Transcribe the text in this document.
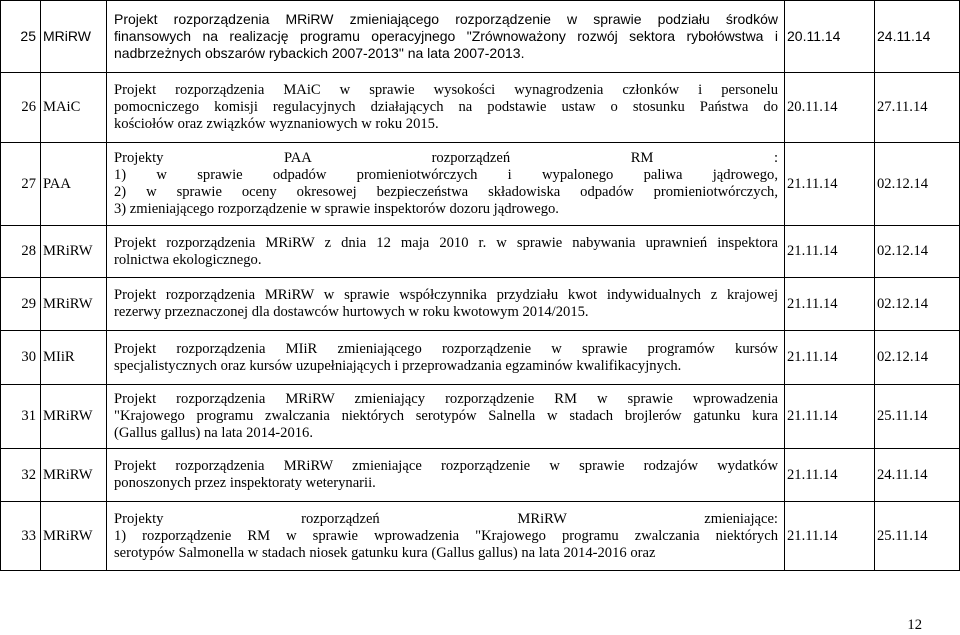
25	MRiRW	Projekt rozporządzenia MRiRW zmieniającego rozporządzenie w sprawie podziału środków
finansowych na realizację programu operacyjnego "Zrównoważony rozwój sektora rybołówstwa i
nadbrzeżnych obszarów rybackich 2007-2013" na lata 2007-2013.	20.11.14	24.11.14
26	MAiC	Projekt rozporządzenia MAiC w sprawie wysokości wynagrodzenia członków i personelu
pomocniczego komisji regulacyjnych działających na podstawie ustaw o stosunku Państwa do
kościołów oraz związków wyznaniowych w roku 2015.	20.11.14	27.11.14
27	PAA	Projekty PAA rozporządzeń RM :
1) w sprawie odpadów promieniotwórczych i wypalonego paliwa jądrowego,
2) w sprawie oceny okresowej bezpieczeństwa składowiska odpadów promieniotwórczych,
3) zmieniającego rozporządzenie w sprawie inspektorów dozoru jądrowego.	21.11.14	02.12.14
28	MRiRW	Projekt rozporządzenia MRiRW z dnia 12 maja 2010 r. w sprawie nabywania uprawnień inspektora
rolnictwa ekologicznego.	21.11.14	02.12.14
29	MRiRW	Projekt rozporządzenia MRiRW w sprawie współczynnika przydziału kwot indywidualnych z krajowej
rezerwy przeznaczonej dla dostawców hurtowych w roku kwotowym 2014/2015.	21.11.14	02.12.14
30	MIiR	Projekt rozporządzenia MIiR zmieniającego rozporządzenie w sprawie programów kursów
specjalistycznych oraz kursów uzupełniających i przeprowadzania egzaminów kwalifikacyjnych.	21.11.14	02.12.14
31	MRiRW	Projekt rozporządzenia MRiRW zmieniający rozporządzenie RM w sprawie wprowadzenia
"Krajowego programu zwalczania niektórych serotypów Salnella w stadach brojlerów gatunku kura
(Gallus gallus) na lata 2014-2016.	21.11.14	25.11.14
32	MRiRW	Projekt rozporządzenia MRiRW zmieniające rozporządzenie w sprawie rodzajów wydatków
ponoszonych przez inspektoraty weterynarii.	21.11.14	24.11.14
33	MRiRW	Projekty rozporządzeń MRiRW zmieniające:
1) rozporządzenie RM w sprawie wprowadzenia "Krajowego programu zwalczania niektórych
serotypów Salmonella w stadach niosek gatunku kura (Gallus gallus) na lata 2014-2016 oraz	21.11.14	25.11.14
12
